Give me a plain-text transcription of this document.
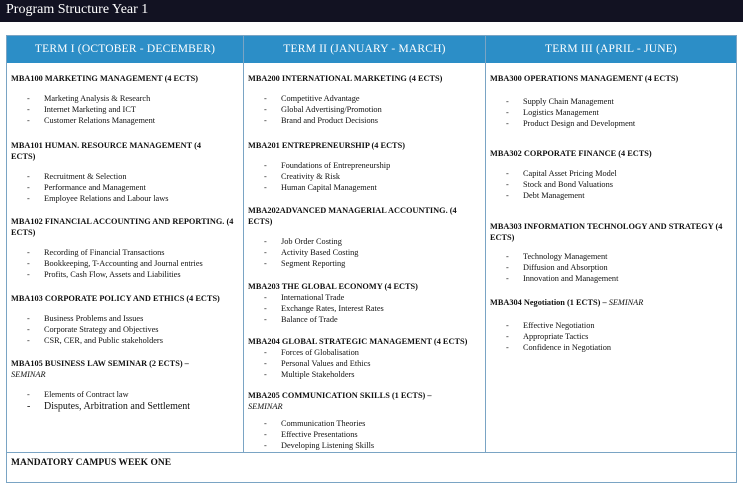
Program Structure Year 1
TERM I (OCTOBER - DECEMBER)
MBA100 MARKETING MANAGEMENT (4 ECTS)
- Marketing Analysis & Research
- Internet Marketing and ICT
- Customer Relations Management
MBA101 HUMAN. RESOURCE MANAGEMENT (4 ECTS)
- Recruitment & Selection
- Performance and Management
- Employee Relations and Labour laws
MBA102 FINANCIAL ACCOUNTING AND REPORTING. (4 ECTS)
- Recording of Financial Transactions
- Bookkeeping, T-Accounting and Journal entries
- Profits, Cash Flow, Assets and Liabilities
MBA103 CORPORATE POLICY AND ETHICS (4 ECTS)
- Business Problems and Issues
- Corporate Strategy and Objectives
- CSR, CER, and Public stakeholders
MBA105 BUSINESS LAW SEMINAR (2 ECTS) –
SEMINAR
- Elements of Contract law
- Disputes, Arbitration and Settlement
TERM II (JANUARY - MARCH)
MBA200 INTERNATIONAL MARKETING (4 ECTS)
- Competitive Advantage
- Global Advertising/Promotion
- Brand and Product Decisions
MBA201 ENTREPRENEURSHIP (4 ECTS)
- Foundations of Entrepreneurship
- Creativity & Risk
- Human Capital Management
MBA202ADVANCED MANAGERIAL ACCOUNTING. (4 ECTS)
- Job Order Costing
- Activity Based Costing
- Segment Reporting
MBA203 THE GLOBAL ECONOMY (4 ECTS)
- International Trade
- Exchange Rates, Interest Rates
- Balance of Trade
MBA204 GLOBAL STRATEGIC MANAGEMENT (4 ECTS)
- Forces of Globalisation
- Personal Values and Ethics
- Multiple Stakeholders
MBA205 COMMUNICATION SKILLS (1 ECTS) –
SEMINAR
- Communication Theories
- Effective Presentations
- Developing Listening Skills
TERM III (APRIL - JUNE)
MBA300 OPERATIONS MANAGEMENT (4 ECTS)
- Supply Chain Management
- Logistics Management
- Product Design and Development
MBA302 CORPORATE FINANCE (4 ECTS)
- Capital Asset Pricing Model
- Stock and Bond Valuations
- Debt Management
MBA303 INFORMATION TECHNOLOGY AND STRATEGY (4 ECTS)
- Technology Management
- Diffusion and Absorption
- Innovation and Management
MBA304 Negotiation (1 ECTS) – SEMINAR
- Effective Negotiation
- Appropriate Tactics
- Confidence in Negotiation
MANDATORY CAMPUS WEEK ONE
